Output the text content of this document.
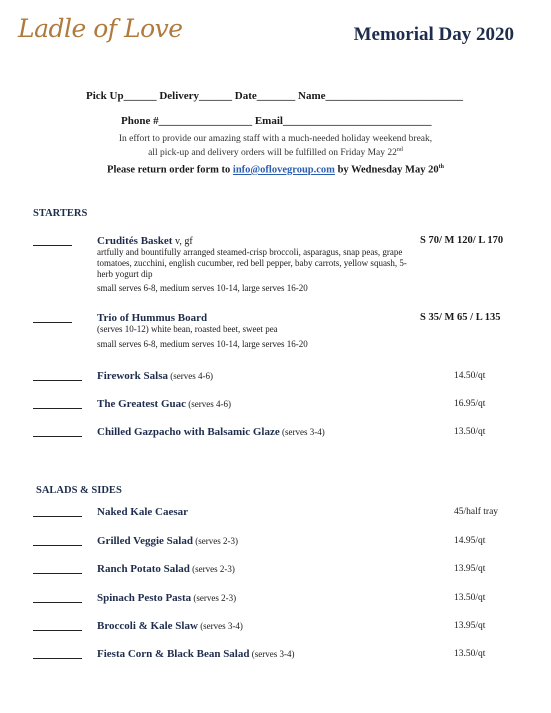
Ladle of Love	Memorial Day 2020
Pick Up______ Delivery______ Date_______ Name_________________________
Phone #_________________ Email___________________________
In effort to provide our amazing staff with a much-needed holiday weekend break,
all pick-up and delivery orders will be fulfilled on Friday May 22nd
Please return order form to info@oflovegroup.com by Wednesday May 20th
STARTERS
Crudités Basket v, gf
artfully and bountifully arranged steamed-crisp broccoli, asparagus, snap peas, grape tomatoes, zucchini, english cucumber, red bell pepper, baby carrots, yellow squash, 5-herb yogurt dip
small serves 6-8, medium serves 10-14, large serves 16-20
S 70/ M 120/ L 170
Trio of Hummus Board
(serves 10-12) white bean, roasted beet, sweet pea
small serves 6-8, medium serves 10-14, large serves 16-20
S 35/ M 65 / L 135
Firework Salsa (serves 4-6)	14.50/qt
The Greatest Guac (serves 4-6)	16.95/qt
Chilled Gazpacho with Balsamic Glaze (serves 3-4)	13.50/qt
SALADS & SIDES
Naked Kale Caesar	45/half tray
Grilled Veggie Salad (serves 2-3)	14.95/qt
Ranch Potato Salad (serves 2-3)	13.95/qt
Spinach Pesto Pasta (serves 2-3)	13.50/qt
Broccoli & Kale Slaw (serves 3-4)	13.95/qt
Fiesta Corn & Black Bean Salad (serves 3-4)	13.50/qt
